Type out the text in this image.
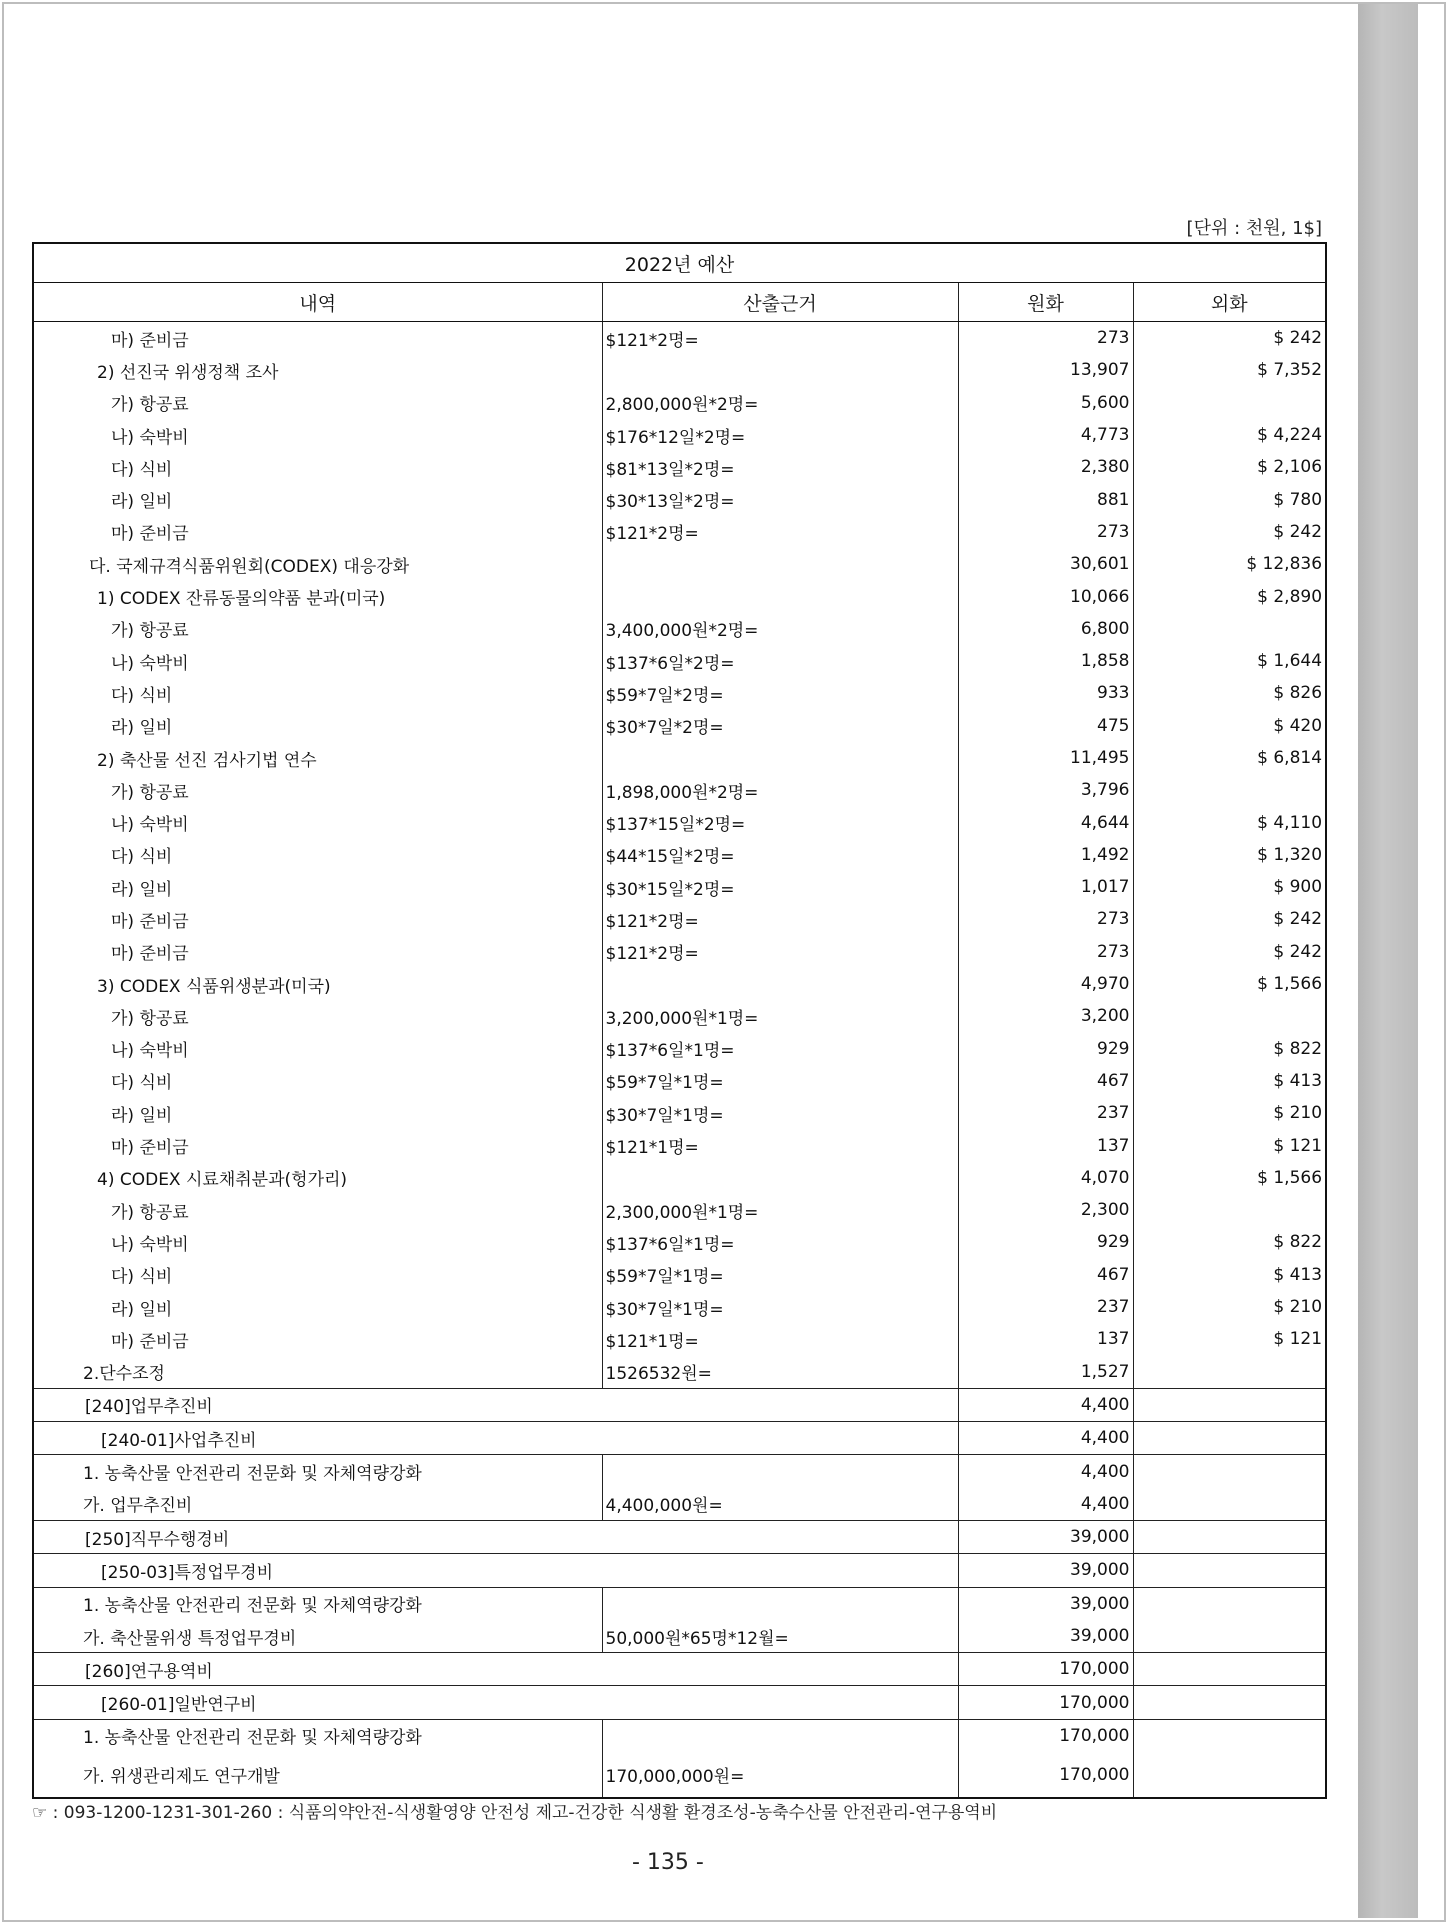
[단위 : 천원, 1$]
2022년 예산			
내역	산출근거	원화	외화
마) 준비금	$121*2명=	273	$ 242
2) 선진국 위생정책 조사		13,907	$ 7,352
가) 항공료	2,800,000원*2명=	5,600	
나) 숙박비	$176*12일*2명=	4,773	$ 4,224
다) 식비	$81*13일*2명=	2,380	$ 2,106
라) 일비	$30*13일*2명=	881	$ 780
마) 준비금	$121*2명=	273	$ 242
다. 국제규격식품위원회(CODEX) 대응강화		30,601	$ 12,836
1) CODEX 잔류동물의약품 분과(미국)		10,066	$ 2,890
가) 항공료	3,400,000원*2명=	6,800	
나) 숙박비	$137*6일*2명=	1,858	$ 1,644
다) 식비	$59*7일*2명=	933	$ 826
라) 일비	$30*7일*2명=	475	$ 420
2) 축산물 선진 검사기법 연수		11,495	$ 6,814
가) 항공료	1,898,000원*2명=	3,796	
나) 숙박비	$137*15일*2명=	4,644	$ 4,110
다) 식비	$44*15일*2명=	1,492	$ 1,320
라) 일비	$30*15일*2명=	1,017	$ 900
마) 준비금	$121*2명=	273	$ 242
마) 준비금	$121*2명=	273	$ 242
3) CODEX 식품위생분과(미국)		4,970	$ 1,566
가) 항공료	3,200,000원*1명=	3,200	
나) 숙박비	$137*6일*1명=	929	$ 822
다) 식비	$59*7일*1명=	467	$ 413
라) 일비	$30*7일*1명=	237	$ 210
마) 준비금	$121*1명=	137	$ 121
4) CODEX 시료채취분과(헝가리)		4,070	$ 1,566
가) 항공료	2,300,000원*1명=	2,300	
나) 숙박비	$137*6일*1명=	929	$ 822
다) 식비	$59*7일*1명=	467	$ 413
라) 일비	$30*7일*1명=	237	$ 210
마) 준비금	$121*1명=	137	$ 121
2.단수조정	1526532원=	1,527	
[240]업무추진비		4,400	
[240-01]사업추진비		4,400	
1. 농축산물 안전관리 전문화 및 자체역량강화		4,400	
가. 업무추진비	4,400,000원=	4,400	
[250]직무수행경비		39,000	
[250-03]특정업무경비		39,000	
1. 농축산물 안전관리 전문화 및 자체역량강화		39,000	
가. 축산물위생 특정업무경비	50,000원*65명*12월=	39,000	
[260]연구용역비		170,000	
[260-01]일반연구비		170,000	
1. 농축산물 안전관리 전문화 및 자체역량강화		170,000	
가. 위생관리제도 연구개발	170,000,000원=	170,000	
☞ : 093-1200-1231-301-260 : 식품의약안전-식생활영양 안전성 제고-건강한 식생활 환경조성-농축수산물 안전관리-연구용역비
- 135 -
